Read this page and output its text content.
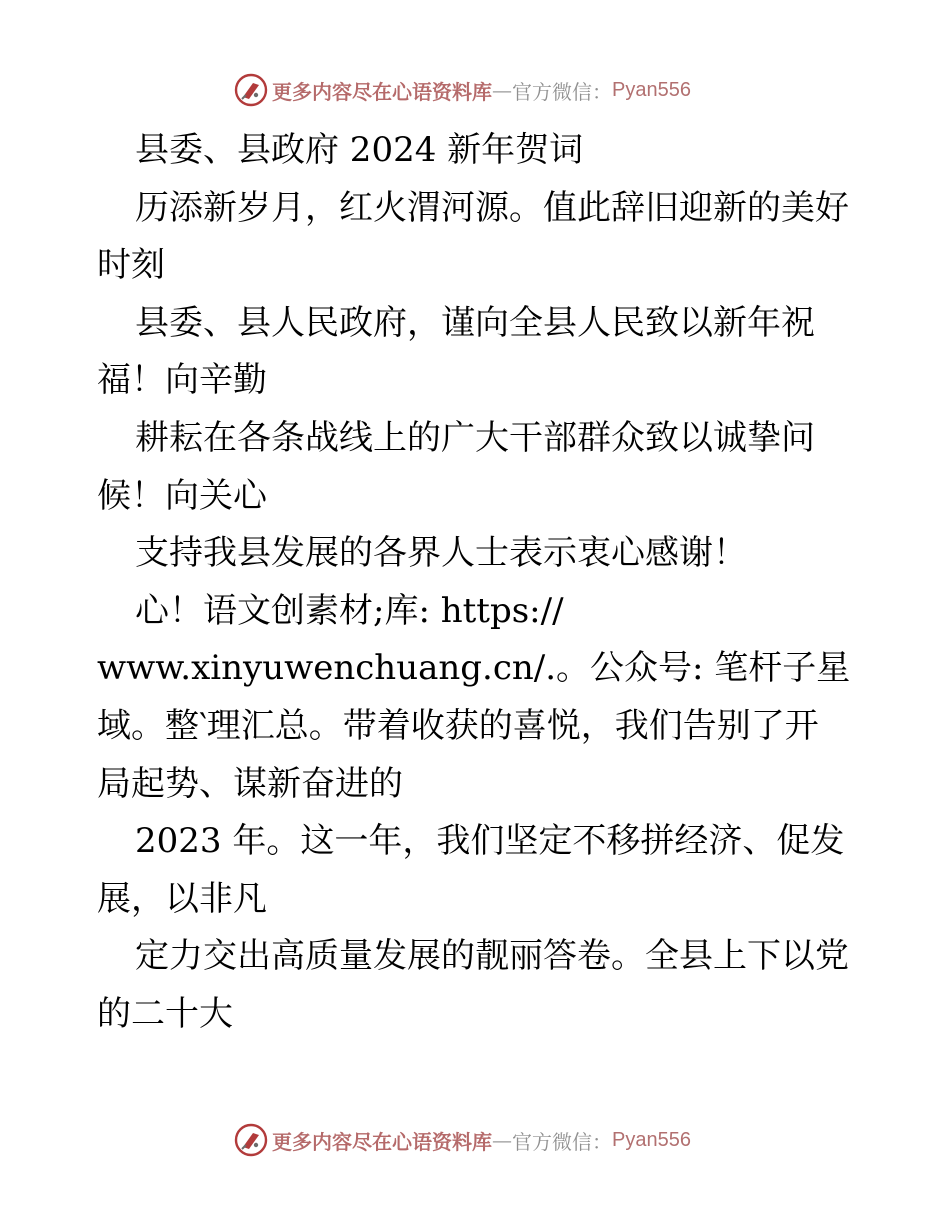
更多内容尽在心语资料库 — 官方微信： Pyan556
县委、县政府 2024 新年贺词
历添新岁月，红火渭河源。值此辞旧迎新的美好
时刻
县委、县人民政府，谨向全县人民致以新年祝
福！向辛勤
耕耘在各条战线上的广大干部群众致以诚挚问
候！向关心
支持我县发展的各界人士表示衷心感谢！
心！语文创素材;库: https://
www.xinyuwenchuang.cn/.。公众号: 笔杆子星
域。整‵理汇总。带着收获的喜悦，我们告别了开
局起势、谋新奋进的
2023 年。这一年，我们坚定不移拼经济、促发
展，以非凡
定力交出高质量发展的靓丽答卷。全县上下以党
的二十大
更多内容尽在心语资料库 — 官方微信： Pyan556
